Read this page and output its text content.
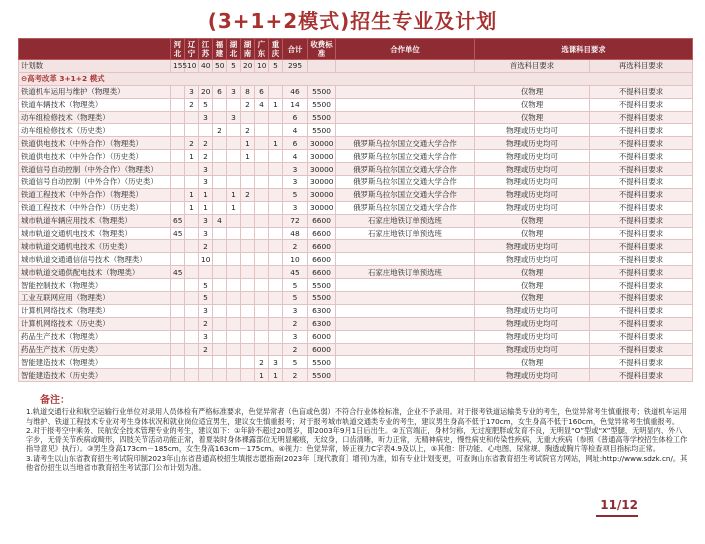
(3+1+2模式)招生专业及计划
	河北	辽宁	江苏	福建	湖北	湖南	广东	重庆	合计	收费标准	合作单位	选课科目要求	
计划数	155	10	40	50	5	20	10	5	295			首选科目要求	再选科目要求
⊖高考改革 3+1+2 模式													
铁道机车运用与维护（物理类）		3	20	6	3	8	6		46	5500		仅物理	不提科目要求
铁道车辆技术（物理类）		2	5			2	4	1	14	5500		仅物理	不提科目要求
动车组检修技术（物理类）			3		3				6	5500		仅物理	不提科目要求
动车组检修技术（历史类）				2		2			4	5500		物理或历史均可	不提科目要求
铁道供电技术（中外合作）（物理类）		2	2			1		1	6	30000	俄罗斯乌拉尔国立交通大学合作	物理或历史均可	不提科目要求
铁道供电技术（中外合作）（历史类）		1	2			1			4	30000	俄罗斯乌拉尔国立交通大学合作	物理或历史均可	不提科目要求
铁道信号自动控制（中外合作）（物理类）			3						3	30000	俄罗斯乌拉尔国立交通大学合作	物理或历史均可	不提科目要求
铁道信号自动控制（中外合作）（历史类）			3						3	30000	俄罗斯乌拉尔国立交通大学合作	物理或历史均可	不提科目要求
铁道工程技术（中外合作）（物理类）		1	1		1	2			5	30000	俄罗斯乌拉尔国立交通大学合作	物理或历史均可	不提科目要求
铁道工程技术（中外合作）（历史类）		1	1		1				3	30000	俄罗斯乌拉尔国立交通大学合作	物理或历史均可	不提科目要求
城市轨道车辆应用技术（物理类）	65		3	4					72	6600	石家庄地铁订单预选班	仅物理	不提科目要求
城市轨道交通机电技术（物理类）	45		3						48	6600	石家庄地铁订单预选班	仅物理	不提科目要求
城市轨道交通机电技术（历史类）			2						2	6600		物理或历史均可	不提科目要求
城市轨道交通通信信号技术（物理类）			10						10	6600		物理或历史均可	不提科目要求
城市轨道交通供配电技术（物理类）	45								45	6600	石家庄地铁订单预选班	仅物理	不提科目要求
智能控制技术（物理类）			5						5	5500		仅物理	不提科目要求
工业互联网应用（物理类）			5						5	5500		仅物理	不提科目要求
计算机网络技术（物理类）			3						3	6300		物理或历史均可	不提科目要求
计算机网络技术（历史类）			2						2	6300		物理或历史均可	不提科目要求
药品生产技术（物理类）			3						3	6000		物理或历史均可	不提科目要求
药品生产技术（历史类）			2						2	6000		物理或历史均可	不提科目要求
智能建造技术（物理类）							2	3	5	5500		仅物理	不提科目要求
智能建造技术（历史类）							1	1	2	5500		物理或历史均可	不提科目要求
备注：

1.轨道交通行业和航空运输行业单位对录用人员体检有严格标准要求，色觉异常者（色盲或色弱）不符合行业体检标准，企业不予录用。对于报考铁道运输类专业的考生，色觉异常考生慎重报考；铁道机车运用与维护、铁道工程技术专业对考生身体状况和就业岗位适宜男生，建议女生慎重报考；对于报考城市轨道交通类专业的考生，建议男生身高不低于170cm，女生身高不低于160cm，色觉异常考生慎重报考。

2.对于报考空中乘务、民航安全技术管理专业的考生，建议如下：①年龄不超过20周岁，即2003年9月1日后出生。②五官端正，身材匀称，无过度肥胖或发育不良，无明显“O”型或“X”型腿，无明显内、外八字步，无骨关节疾病或畸形，四肢关节活动功能正常，着夏装时身体裸露部位无明显瘢痕，无纹身，口齿清晰，听力正常，无精神病史，慢性病史和传染性疾病，无重大疾病（参照《普通高等学校招生体检工作指导意见》执行）。③男生身高173cm－185cm，女生身高163cm－175cm。④视力：色觉异常，矫正视力C字表4.9及以上，⑤其他：肝功能、心电图、尿常规、胸透或胸片等检查项目指标均正常。

3.请考生以山东省教育招生考试院印制2023年山东省普通高校招生填报志愿指南(2023年［现代教育］增刊)为准，如有专业计划变更，可查询山东省教育招生考试院官方网站，网址:http://www.sdzk.cn/。其他省份招生以当地省市教育招生考试部门公布计划为准。

11/12
